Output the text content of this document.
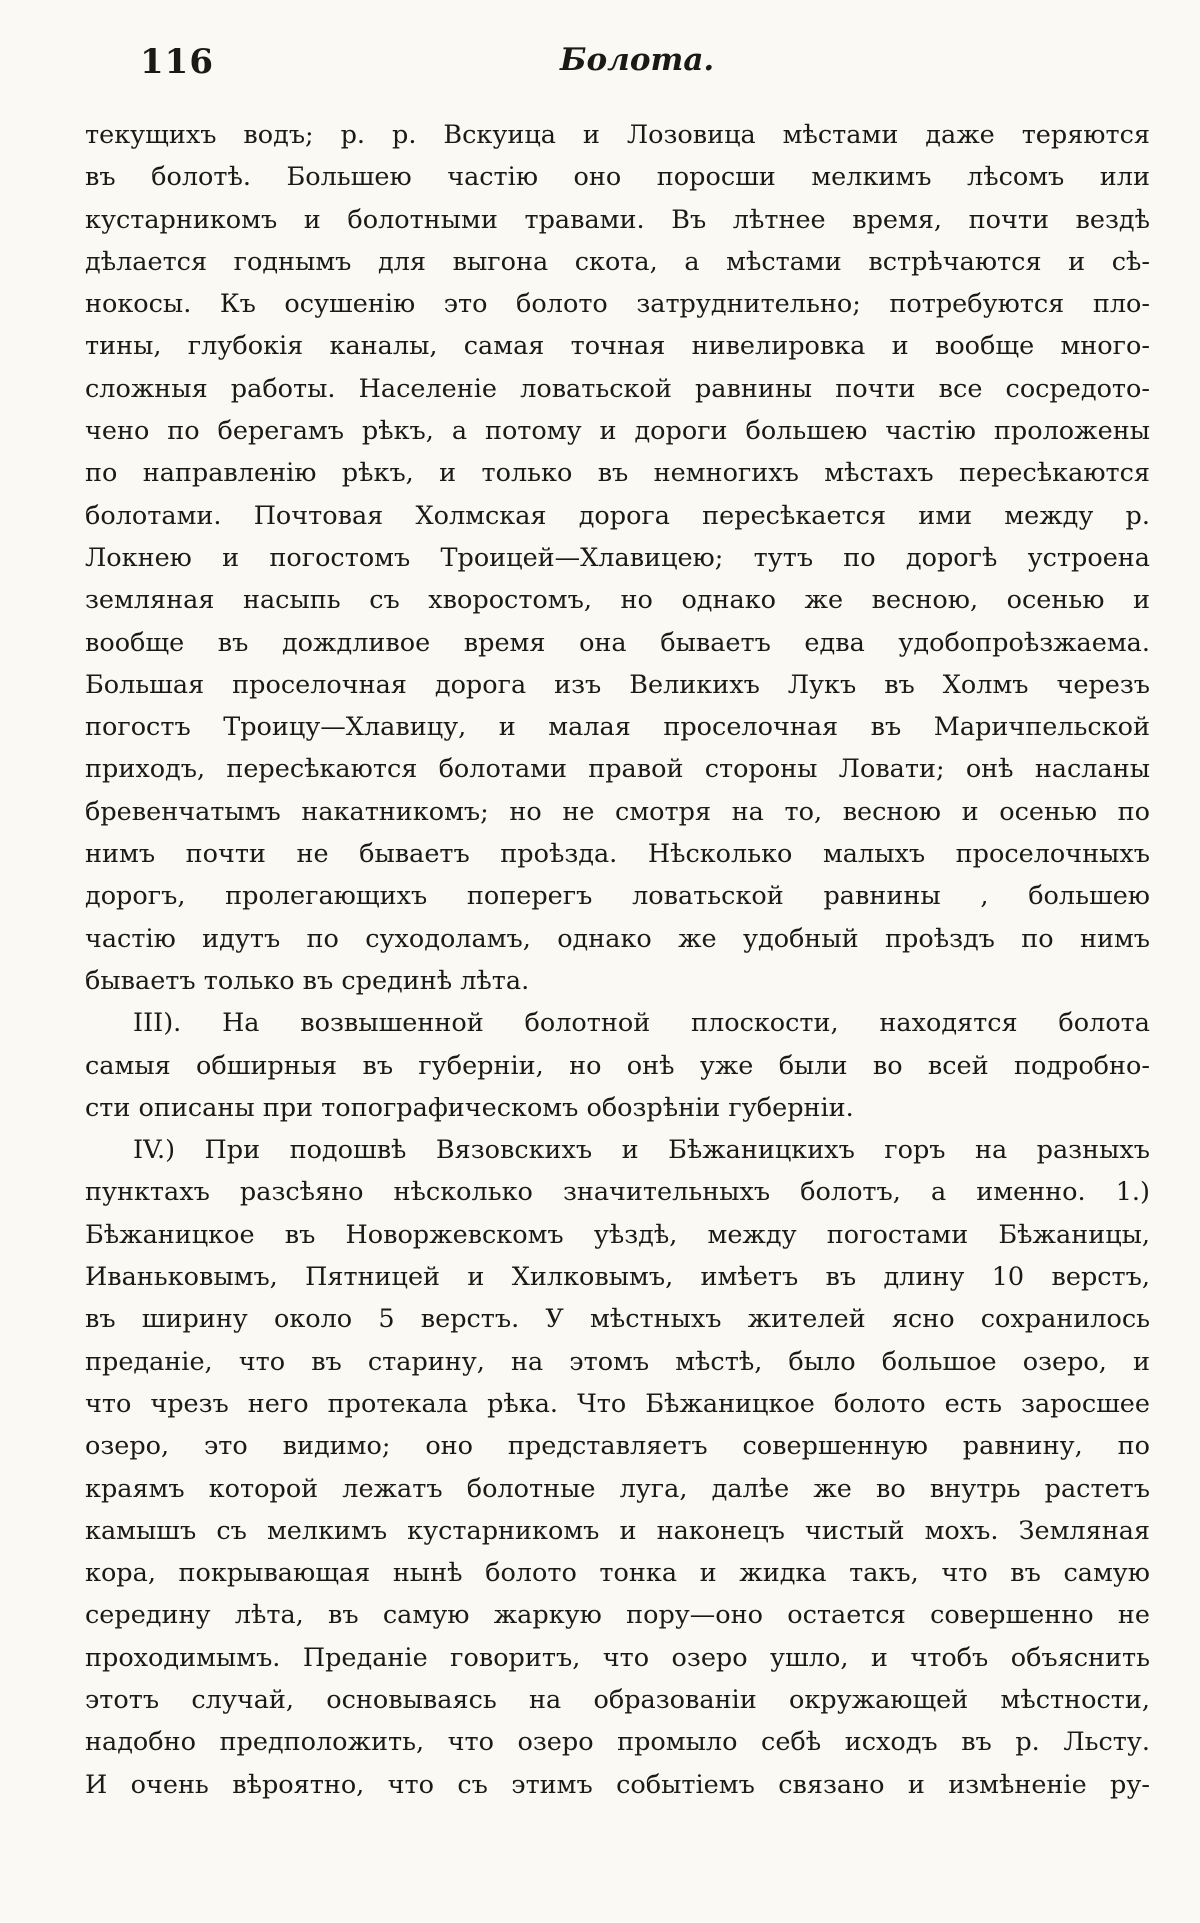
116	Болота.
текущихъ водъ; р. р. Вскуица и Лозовица мѣстами даже теряются
въ болотѣ. Большею частію оно поросши мелкимъ лѣсомъ или
кустарникомъ и болотными травами. Въ лѣтнее время, почти вездѣ
дѣлается годнымъ для выгона скота, а мѣстами встрѣчаются и сѣ-
нокосы. Къ осушенію это болото затруднительно; потребуются пло-
тины, глубокія каналы, самая точная нивелировка и вообще много-
сложныя работы. Населеніе ловатьской равнины почти все сосредото-
чено по берегамъ рѣкъ, а потому и дороги большею частію проложены
по направленію рѣкъ, и только въ немногихъ мѣстахъ пересѣкаются
болотами. Почтовая Холмская дорога пересѣкается ими между р.
Локнею и погостомъ Троицей—Хлавицею; тутъ по дорогѣ устроена
земляная насыпь съ хворостомъ, но однако же весною, осенью и
вообще въ дождливое время она бываетъ едва удобопроѣзжаема.
Большая проселочная дорога изъ Великихъ Лукъ въ Холмъ черезъ
погостъ Троицу—Хлавицу, и малая проселочная въ Маричпельской
приходъ, пересѣкаются болотами правой стороны Ловати; онѣ насланы
бревенчатымъ накатникомъ; но не смотря на то, весною и осенью по
нимъ почти не бываетъ проѣзда. Нѣсколько малыхъ проселочныхъ
дорогъ, пролегающихъ поперегъ ловатьской равнины , большею
частію идутъ по суходоламъ, однако же удобный проѣздъ по нимъ
бываетъ только въ срединѣ лѣта.
III). На возвышенной болотной плоскости, находятся болота
самыя обширныя въ губерніи, но онѣ уже были во всей подробно-
сти описаны при топографическомъ обозрѣніи губерніи.
IV.) При подошвѣ Вязовскихъ и Бѣжаницкихъ горъ на разныхъ
пунктахъ разсѣяно нѣсколько значительныхъ болотъ, а именно. 1.)
Бѣжаницкое въ Новоржевскомъ уѣздѣ, между погостами Бѣжаницы,
Иваньковымъ, Пятницей и Хилковымъ, имѣетъ въ длину 10 верстъ,
въ ширину около 5 верстъ. У мѣстныхъ жителей ясно сохранилось
преданіе, что въ старину, на этомъ мѣстѣ, было большое озеро, и
что чрезъ него протекала рѣка. Что Бѣжаницкое болото есть заросшее
озеро, это видимо; оно представляетъ совершенную равнину, по
краямъ которой лежатъ болотные луга, далѣе же во внутрь растетъ
камышъ съ мелкимъ кустарникомъ и наконецъ чистый мохъ. Земляная
кора, покрывающая нынѣ болото тонка и жидка такъ, что въ самую
середину лѣта, въ самую жаркую пору—оно остается совершенно не
проходимымъ. Преданіе говоритъ, что озеро ушло, и чтобъ объяснить
этотъ случай, основываясь на образованіи окружающей мѣстности,
надобно предположить, что озеро промыло себѣ исходъ въ р. Льсту.
И очень вѣроятно, что съ этимъ событіемъ связано и измѣненіе ру-
